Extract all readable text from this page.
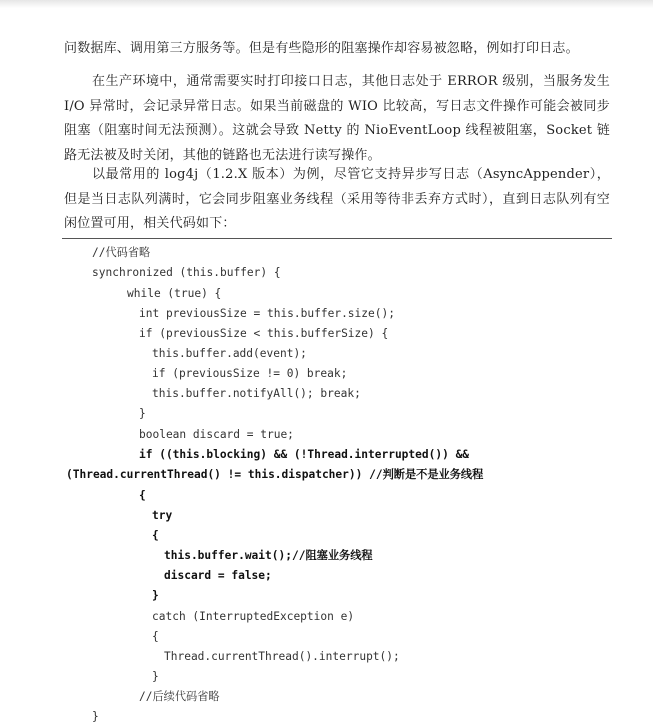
问数据库、调用第三方服务等。但是有些隐形的阻塞操作却容易被忽略，例如打印日志。

在生产环境中，通常需要实时打印接口日志，其他日志处于 ERROR 级别，当服务发生 I/O 异常时，会记录异常日志。如果当前磁盘的 WIO 比较高，写日志文件操作可能会被同步阻塞（阻塞时间无法预测）。这就会导致 Netty 的 NioEventLoop 线程被阻塞，Socket 链路无法被及时关闭，其他的链路也无法进行读写操作。

以最常用的 log4j（1.2.X 版本）为例，尽管它支持异步写日志（AsyncAppender），但是当日志队列满时，它会同步阻塞业务线程（采用等待非丢弃方式时），直到日志队列有空闲位置可用，相关代码如下：

//代码省略
synchronized (this.buffer) {
while (true) {
int previousSize = this.buffer.size();
if (previousSize < this.bufferSize) {
this.buffer.add(event);
if (previousSize != 0) break;
this.buffer.notifyAll(); break;
}
boolean discard = true;
if ((this.blocking) && (!Thread.interrupted()) &&
(Thread.currentThread() != this.dispatcher)) //判断是不是业务线程
{
try
{
this.buffer.wait();//阻塞业务线程
discard = false;
}
catch (InterruptedException e)
{
Thread.currentThread().interrupt();
}
//后续代码省略
}
